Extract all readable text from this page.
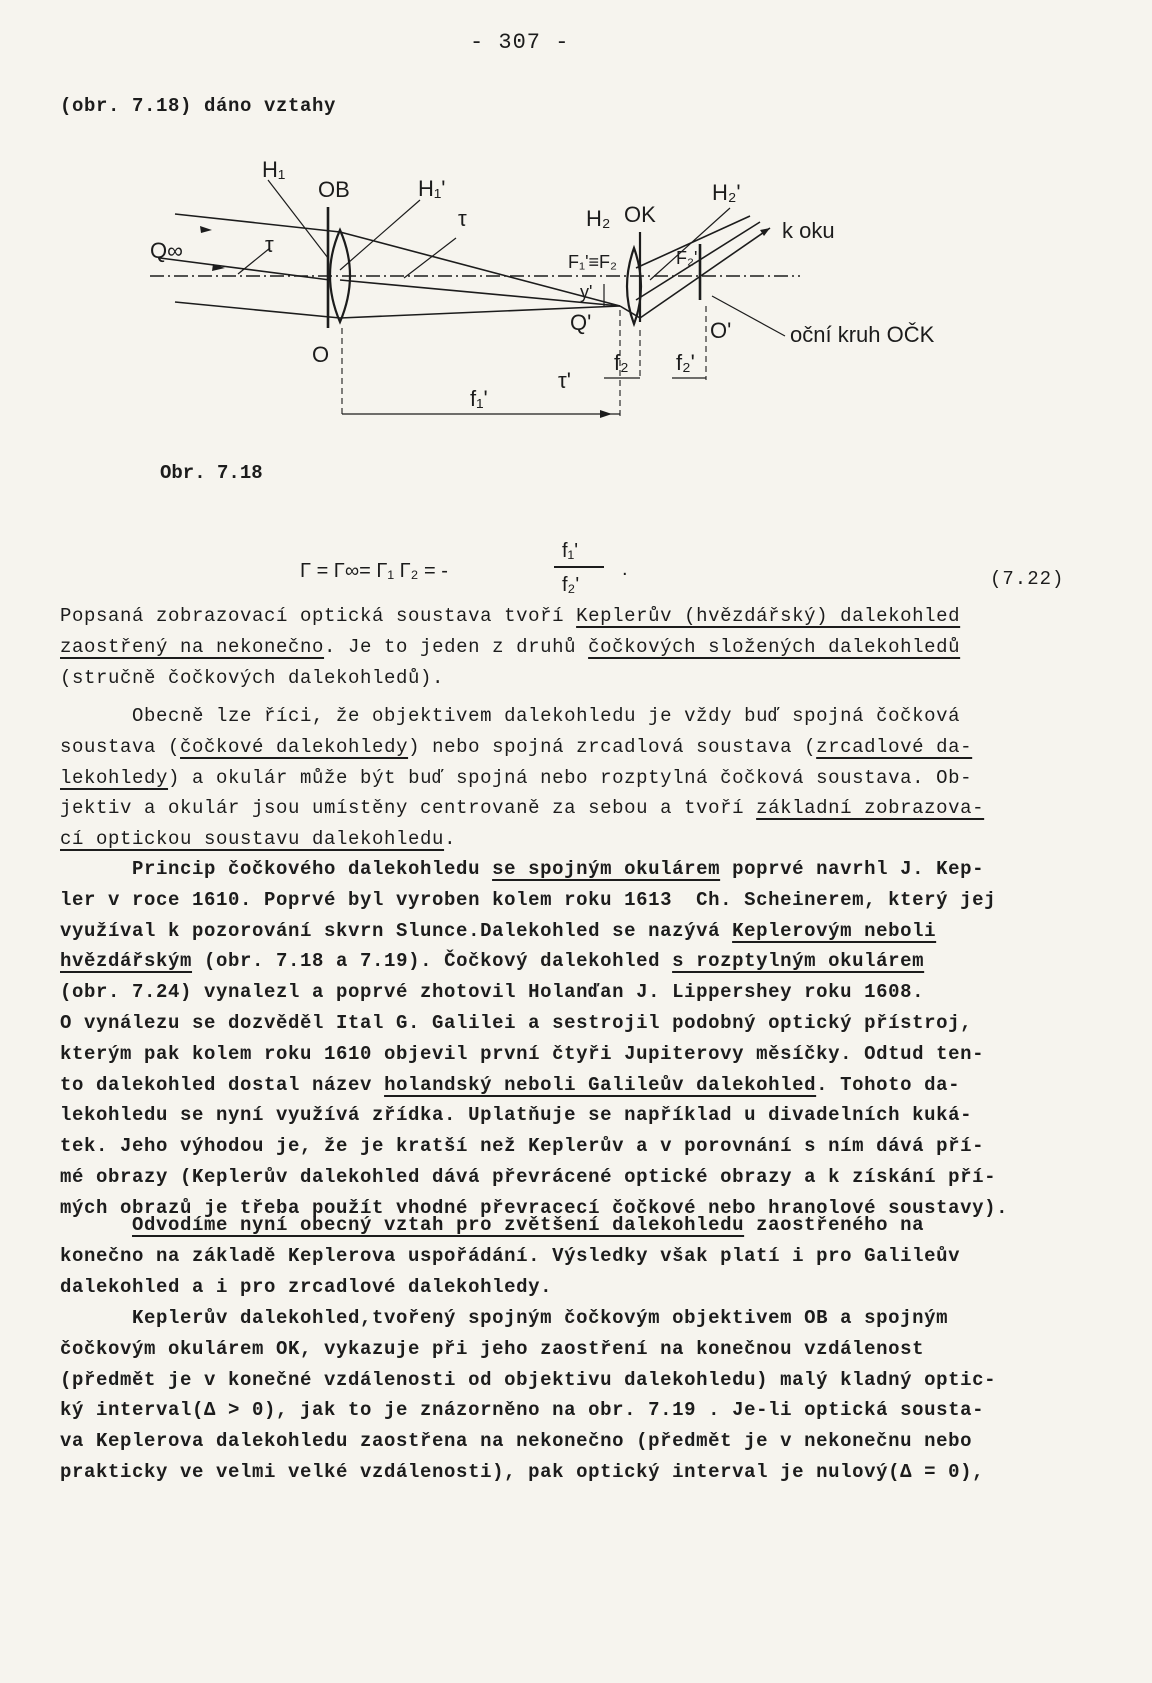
- 307 -
(obr. 7.18) dáno vztahy
H₁
OB	H₁'
τ
Q∞	τ
H₂ OK
H₂'
k oku
F₁'≡F₂	F₂'
y'
Q'
O
O'	oční kruh OČK
τ'
f₂ f₂'
f₁'
Obr. 7.18
Γ = Γ∞= Γ₁ Γ₂ = -
f₁'
f₂'
.	(7.22)
Popsaná zobrazovací optická soustava tvoří Keplerův (hvězdářský) dalekohled
zaostřený na nekonečno. Je to jeden z druhů čočkových složených dalekohledů
(stručně čočkových dalekohledů).
Obecně lze říci, že objektivem dalekohledu je vždy buď spojná čočková
soustava (čočkové dalekohledy) nebo spojná zrcadlová soustava (zrcadlové da-
lekohledy) a okulár může být buď spojná nebo rozptylná čočková soustava. Ob-
jektiv a okulár jsou umístěny centrovaně za sebou a tvoří základní zobrazova-
cí optickou soustavu dalekohledu.
Princip čočkového dalekohledu se spojným okulárem poprvé navrhl J. Kep-
ler v roce 1610. Poprvé byl vyroben kolem roku 1613  Ch. Scheinerem, který jej
využíval k pozorování skvrn Slunce.Dalekohled se nazývá Keplerovým neboli
hvězdářským (obr. 7.18 a 7.19). Čočkový dalekohled s rozptylným okulárem
(obr. 7.24) vynalezl a poprvé zhotovil Holanďan J. Lippershey roku 1608.
O vynálezu se dozvěděl Ital G. Galilei a sestrojil podobný optický přístroj,
kterým pak kolem roku 1610 objevil první čtyři Jupiterovy měsíčky. Odtud ten-
to dalekohled dostal název holandský neboli Galileův dalekohled. Tohoto da-
lekohledu se nyní využívá zřídka. Uplatňuje se například u divadelních kuká-
tek. Jeho výhodou je, že je kratší než Keplerův a v porovnání s ním dává pří-
mé obrazy (Keplerův dalekohled dává převrácené optické obrazy a k získání pří-
mých obrazů je třeba použít vhodné převracecí čočkové nebo hranolové soustavy).
Odvodíme nyní obecný vztah pro zvětšení dalekohledu zaostřeného na
konečno na základě Keplerova uspořádání. Výsledky však platí i pro Galileův
dalekohled a i pro zrcadlové dalekohledy.
Keplerův dalekohled,tvořený spojným čočkovým objektivem OB a spojným
čočkovým okulárem OK, vykazuje při jeho zaostření na konečnou vzdálenost
(předmět je v konečné vzdálenosti od objektivu dalekohledu) malý kladný optic-
ký interval(Δ > 0), jak to je znázorněno na obr. 7.19 . Je-li optická sousta-
va Keplerova dalekohledu zaostřena na nekonečno (předmět je v nekonečnu nebo
prakticky ve velmi velké vzdálenosti), pak optický interval je nulový(Δ = 0),
